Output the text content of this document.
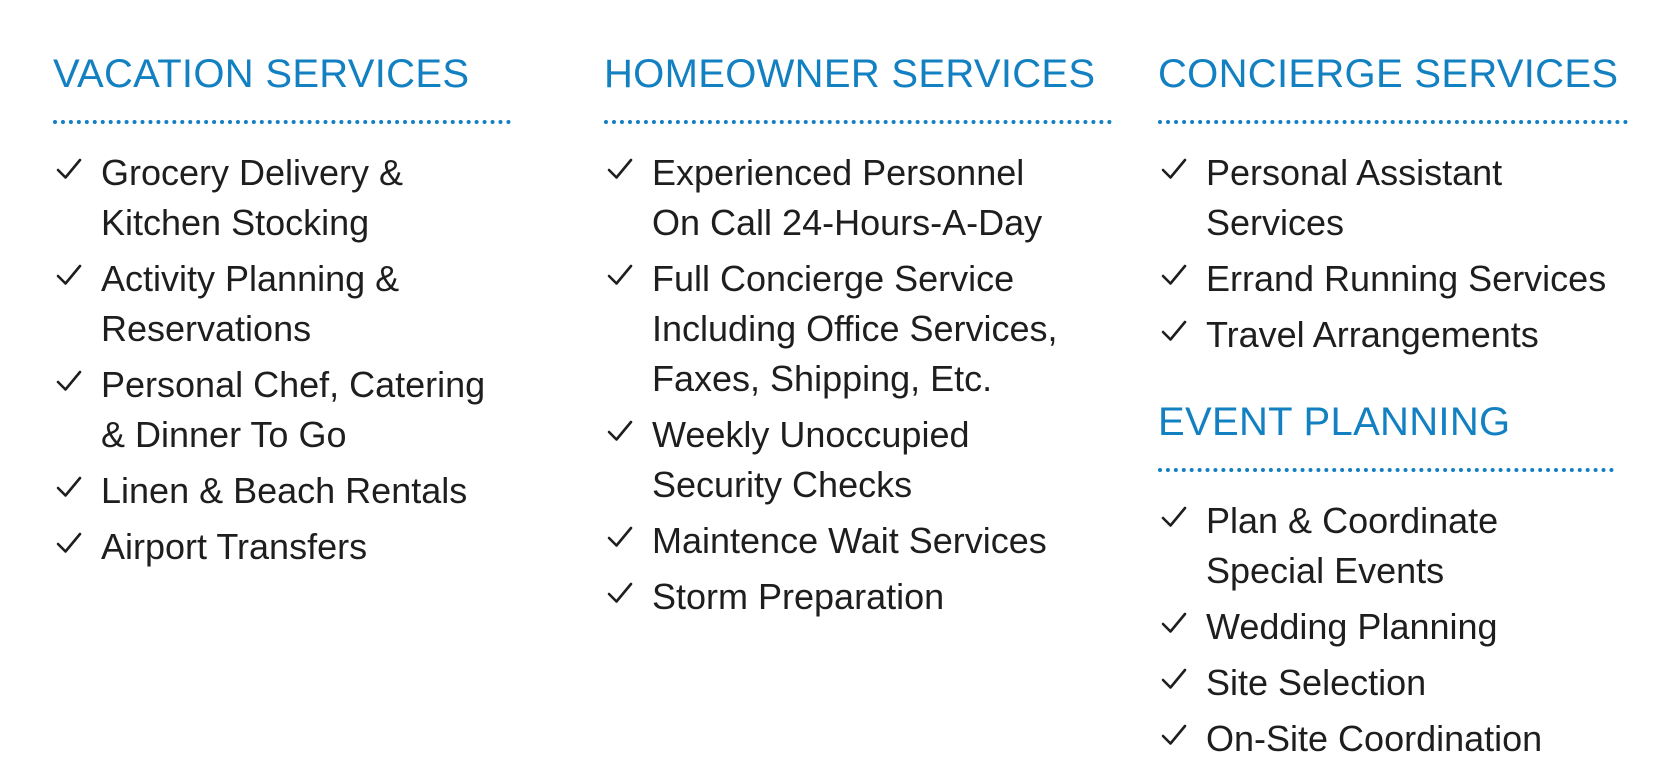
VACATION SERVICES
Grocery Delivery &
Kitchen Stocking
Activity Planning &
Reservations
Personal Chef, Catering
& Dinner To Go
Linen & Beach Rentals
Airport Transfers
HOMEOWNER SERVICES
Experienced Personnel
On Call 24-Hours-A-Day
Full Concierge Service
Including Office Services,
Faxes, Shipping, Etc.
Weekly Unoccupied
Security Checks
Maintence Wait Services
Storm Preparation
CONCIERGE SERVICES
Personal Assistant
Services
Errand Running Services
Travel Arrangements
EVENT PLANNING
Plan & Coordinate
Special Events
Wedding Planning
Site Selection
On-Site Coordination
